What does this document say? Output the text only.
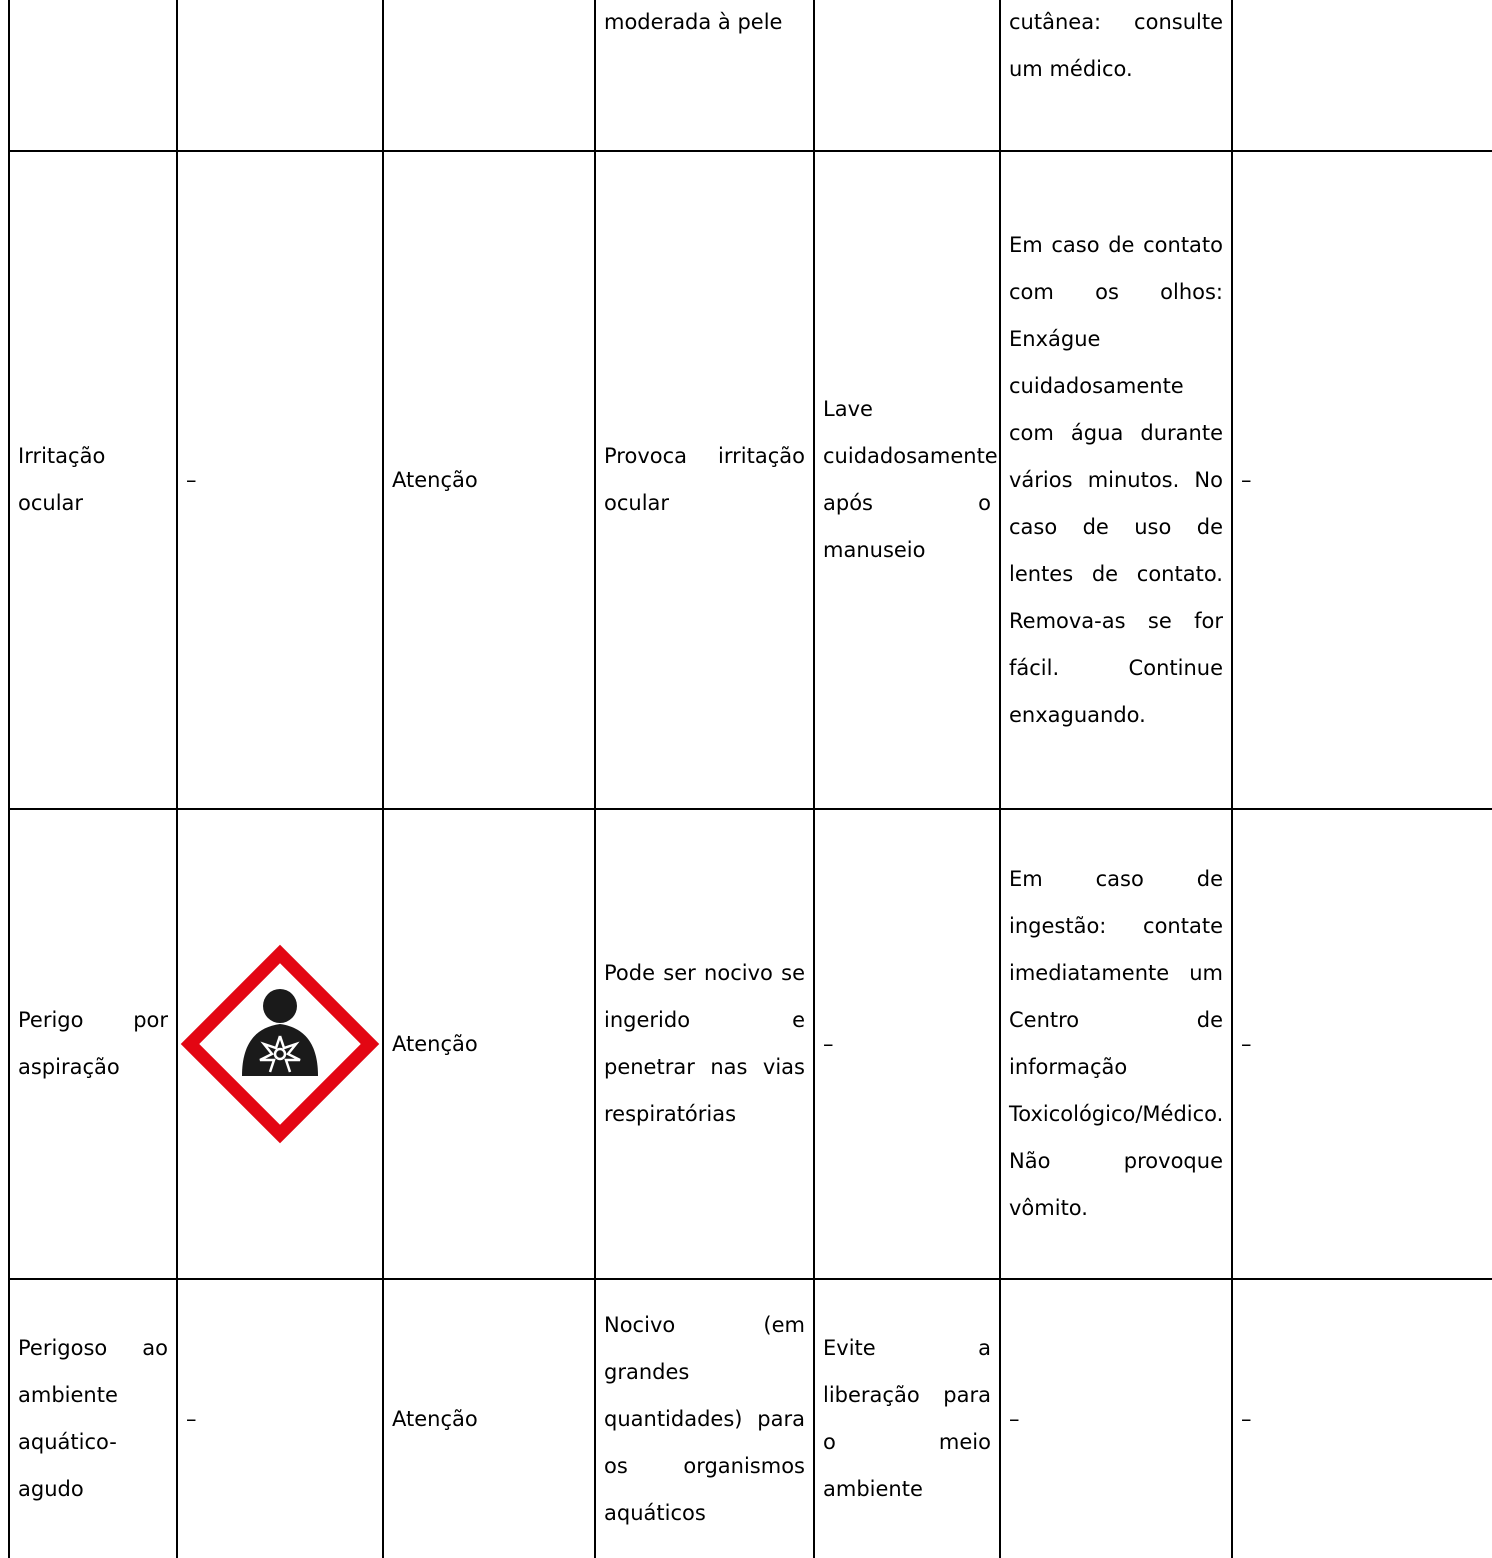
			moderada à pele		cutânea: consulte um médico.	

Irritação ocular	–	Atenção	Provoca irritação ocular	Lave cuidadosamente após o manuseio	Em caso de contato com os olhos: Enxágue cuidadosamente com água durante vários minutos. No caso de uso de lentes de contato. Remova-as se for fácil. Continue enxaguando.	–

Perigo por aspiração		Atenção	Pode ser nocivo se ingerido e penetrar nas vias respiratórias	–	Em caso de ingestão: contate imediatamente um Centro de informação Toxicológico/Médico. Não provoque vômito.	–

Perigoso ao ambiente aquático-agudo	–	Atenção	Nocivo (em grandes quantidades) para os organismos aquáticos	Evite a liberação para o meio ambiente	–	–
